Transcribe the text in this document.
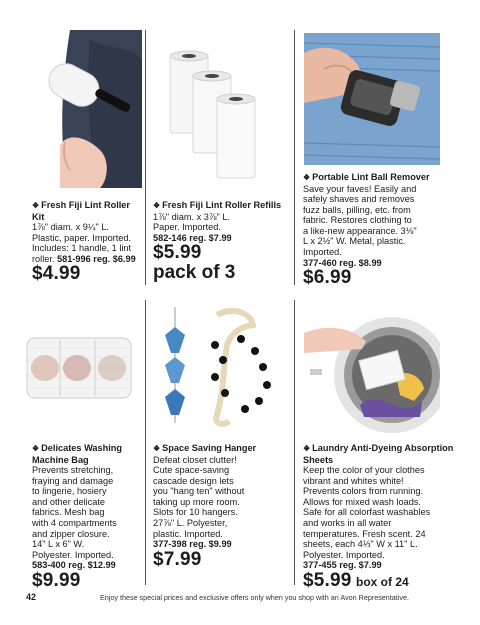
❖ Fresh Fiji Lint Roller Kit
1⅞" diam. x 9¼" L.
Plastic, paper. Imported.
Includes: 1 handle, 1 lint
roller. 581-996 reg. $6.99
$4.99
❖ Fresh Fiji Lint Roller Refills
1⅞" diam. x 3⅞" L.
Paper. Imported.
582-146 reg. $7.99
$5.99
pack of 3
❖ Portable Lint Ball Remover
Save your faves! Easily and
safely shaves and removes
fuzz balls, pilling, etc. from
fabric. Restores clothing to
a like-new appearance. 3⅛"
L x 2½" W. Metal, plastic.
Imported.
377-460 reg. $8.99
$6.99
❖ Delicates Washing Machine Bag
Prevents stretching,
fraying and damage
to lingerie, hosiery
and other delicate
fabrics. Mesh bag
with 4 compartments
and zipper closure.
14" L x 6" W.
Polyester. Imported.
583-400 reg. $12.99
$9.99
❖ Space Saving Hanger
Defeat closet clutter!
Cute space-saving
cascade design lets
you "hang ten" without
taking up more room.
Slots for 10 hangers.
27⅞" L. Polyester,
plastic. Imported.
377-398 reg. $9.99
$7.99
❖ Laundry Anti-Dyeing Absorption Sheets
Keep the color of your clothes
vibrant and whites white!
Prevents colors from running.
Allows for mixed wash loads.
Safe for all colorfast washables
and works in all water
temperatures. Fresh scent. 24
sheets, each 4⅓" W x 11" L.
Polyester. Imported.
377-455 reg. $7.99
$5.99 box of 24
42	Enjoy these special prices and exclusive offers only when you shop with an Avon Representative.
